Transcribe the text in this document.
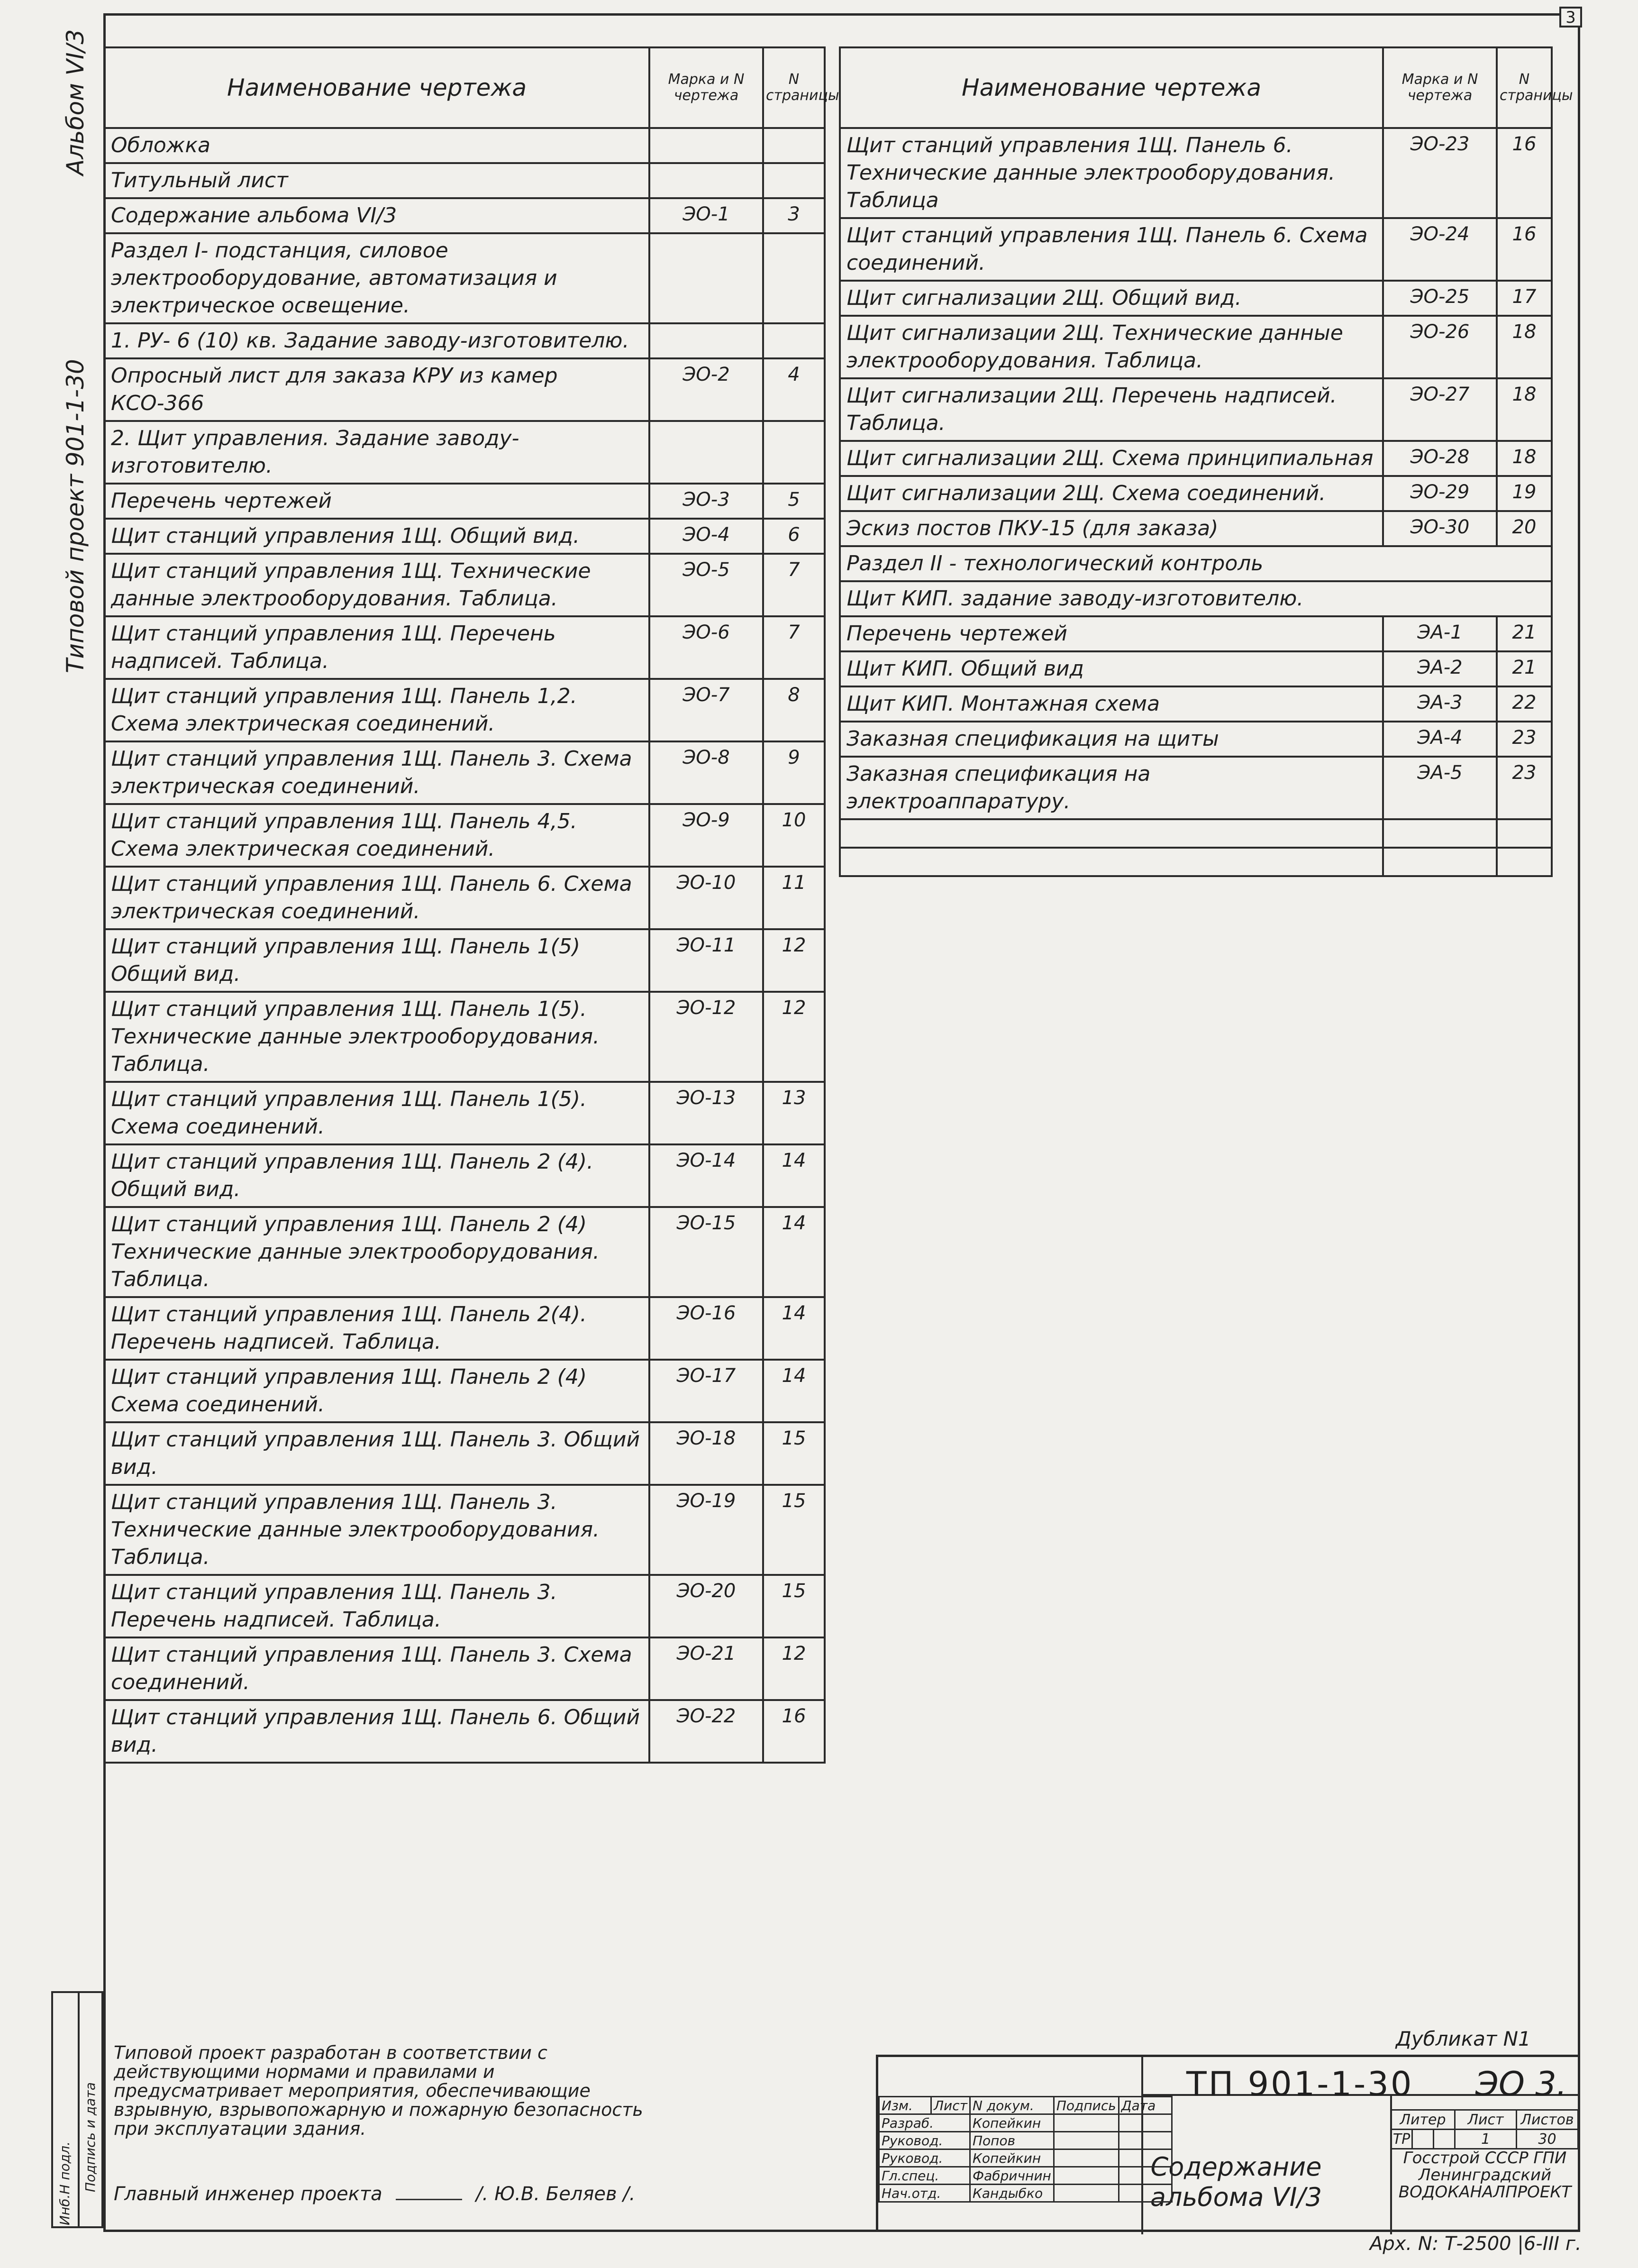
3
Альбом VI/3
Типовой проект 901-1-30
Наименование чертежа	Марка и N чертежа	N страницы
Обложка		
Титульный лист		
Содержание альбома VI/3	ЭО-1	3
Раздел I- подстанция, силовое электрооборудование, автоматизация и электрическое освещение.		
1. РУ- 6 (10) кв. Задание заводу-изготовителю.		
Опросный лист для заказа КРУ из камер КСО-366	ЭО-2	4
2. Щит управления. Задание заводу- изготовителю.		
Перечень чертежей	ЭО-3	5
Щит станций управления 1Щ. Общий вид.	ЭО-4	6
Щит станций управления 1Щ. Технические данные электрооборудования. Таблица.	ЭО-5	7
Щит станций управления 1Щ. Перечень надписей. Таблица.	ЭО-6	7
Щит станций управления 1Щ. Панель 1,2. Схема электрическая соединений.	ЭО-7	8
Щит станций управления 1Щ. Панель 3. Схема электрическая соединений.	ЭО-8	9
Щит станций управления 1Щ. Панель 4,5. Схема электрическая соединений.	ЭО-9	10
Щит станций управления 1Щ. Панель 6. Схема электрическая соединений.	ЭО-10	11
Щит станций управления 1Щ. Панель 1(5) Общий вид.	ЭО-11	12
Щит станций управления 1Щ. Панель 1(5). Технические данные электрооборудования. Таблица.	ЭО-12	12
Щит станций управления 1Щ. Панель 1(5). Схема соединений.	ЭО-13	13
Щит станций управления 1Щ. Панель 2 (4). Общий вид.	ЭО-14	14
Щит станций управления 1Щ. Панель 2 (4) Технические данные электрооборудования. Таблица.	ЭО-15	14
Щит станций управления 1Щ. Панель 2(4). Перечень надписей. Таблица.	ЭО-16	14
Щит станций управления 1Щ. Панель 2 (4) Схема соединений.	ЭО-17	14
Щит станций управления 1Щ. Панель 3. Общий вид.	ЭО-18	15
Щит станций управления 1Щ. Панель 3. Технические данные электрооборудования. Таблица.	ЭО-19	15
Щит станций управления 1Щ. Панель 3. Перечень надписей. Таблица.	ЭО-20	15
Щит станций управления 1Щ. Панель 3. Схема соединений.	ЭО-21	12
Щит станций управления 1Щ. Панель 6. Общий вид.	ЭО-22	16
Наименование чертежа	Марка и N чертежа	N страницы
Щит станций управления 1Щ. Панель 6. Технические данные электрооборудования. Таблица	ЭО-23	16
Щит станций управления 1Щ. Панель 6. Схема соединений.	ЭО-24	16
Щит сигнализации 2Щ. Общий вид.	ЭО-25	17
Щит сигнализации 2Щ. Технические данные электрооборудования. Таблица.	ЭО-26	18
Щит сигнализации 2Щ. Перечень надписей. Таблица.	ЭО-27	18
Щит сигнализации 2Щ. Схема принципиальная	ЭО-28	18
Щит сигнализации 2Щ. Схема соединений.	ЭО-29	19
Эскиз постов ПКУ-15 (для заказа)	ЭО-30	20
Раздел II - технологический контроль		
Щит КИП. задание заводу-изготовителю.		
Перечень чертежей	ЭА-1	21
Щит КИП. Общий вид	ЭА-2	21
Щит КИП. Монтажная схема	ЭА-3	22
Заказная спецификация на щиты	ЭА-4	23
Заказная спецификация на электроаппаратуру.	ЭА-5	23

Инб.Н подл. Подпись и дата
Типовой проект разработан в соответствии с действующими нормами и правилами и предусматривает мероприятия, обеспечивающие взрывную, взрывопожарную и пожарную безопасность при эксплуатации здания.
Главный инженер проекта	/. Ю.В. Беляев /.
Дубликат N1
ТП 901-1-30 ЭО 3.
Содержание альбома VI/3
Изм.	Лист	N докум.	Подпись	Дата
Разраб.		Копейкин		
Руковод.		Попов		
Руковод.		Копейкин		
Гл.спец.		Фабричнин		
Нач.отд.		Кандыбко		
Литер			Лист	Листов
ТР			1	30
Госстрой СССР ГПИ Ленинградский ВОДОКАНАЛПРОЕКТ
Арх. N: Т-2500 |6-III г.
